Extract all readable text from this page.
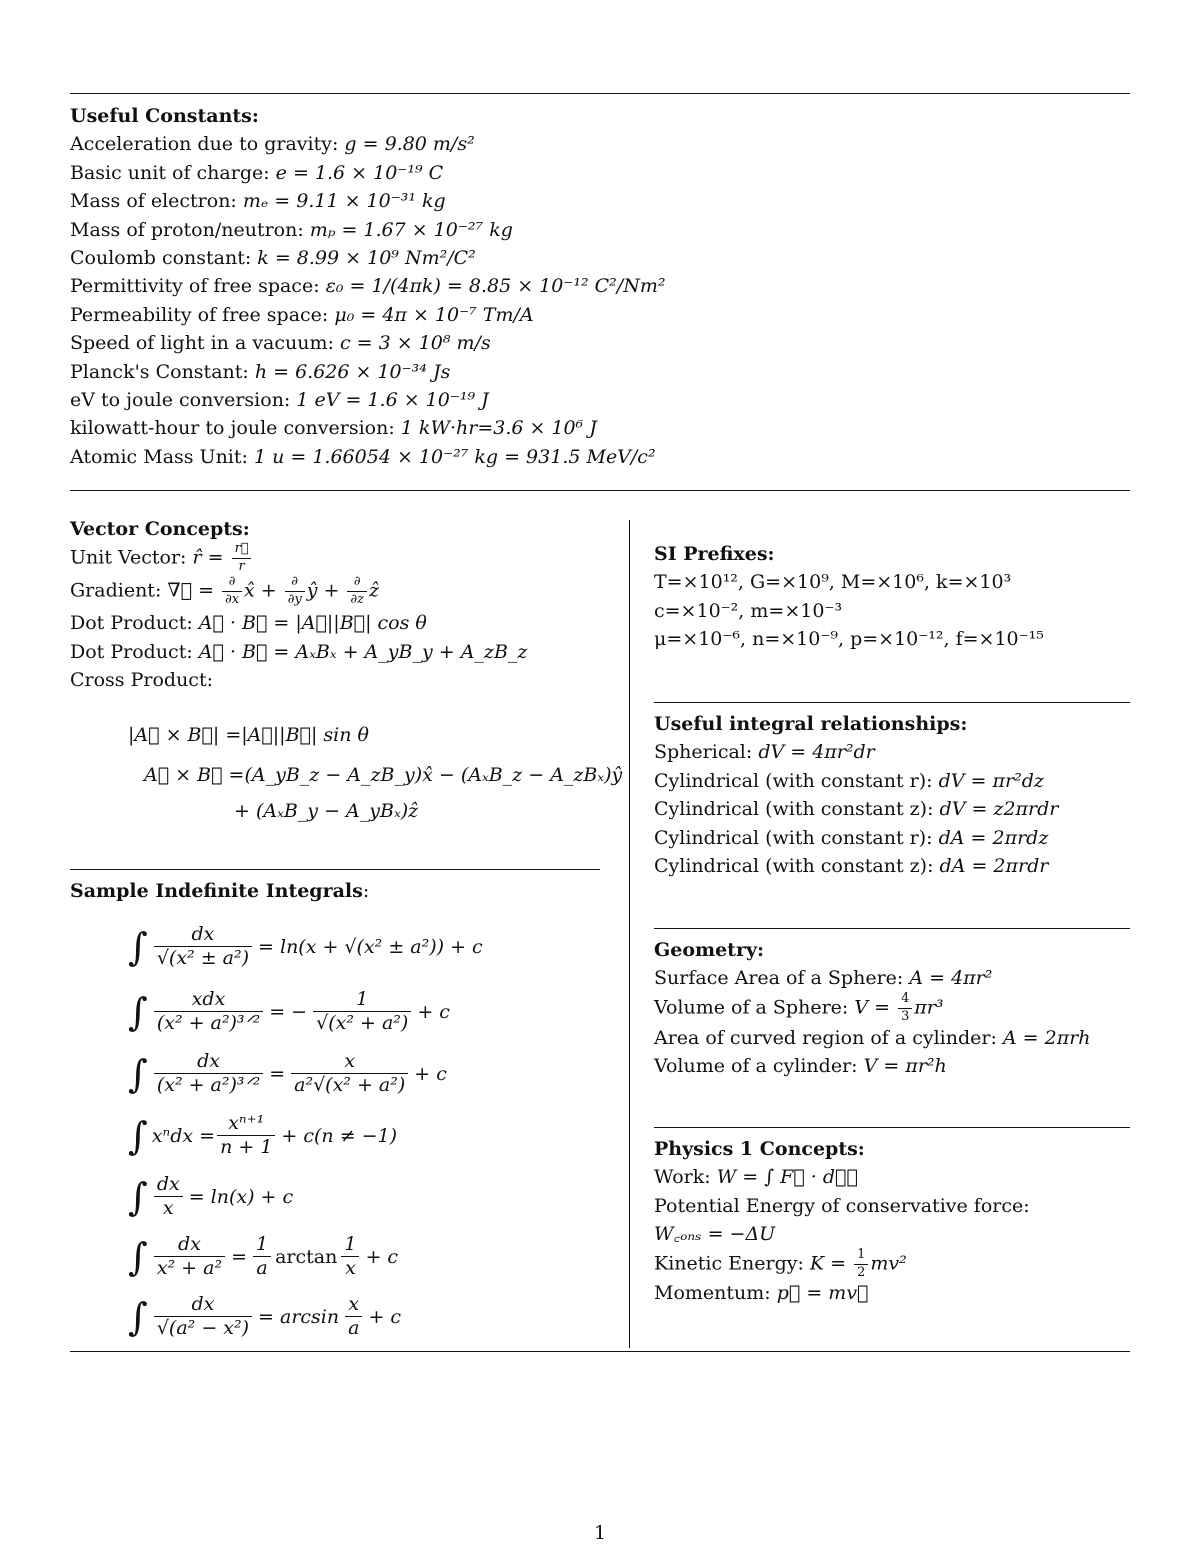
Useful Constants:
Acceleration due to gravity: g = 9.80 m/s²
Basic unit of charge: e = 1.6 × 10⁻¹⁹ C
Mass of electron: mₑ = 9.11 × 10⁻³¹ kg
Mass of proton/neutron: mₚ = 1.67 × 10⁻²⁷ kg
Coulomb constant: k = 8.99 × 10⁹ Nm²/C²
Permittivity of free space: ε₀ = 1/(4πk) = 8.85 × 10⁻¹² C²/Nm²
Permeability of free space: μ₀ = 4π × 10⁻⁷ Tm/A
Speed of light in a vacuum: c = 3 × 10⁸ m/s
Planck's Constant: h = 6.626 × 10⁻³⁴ Js
eV to joule conversion: 1 eV = 1.6 × 10⁻¹⁹ J
kilowatt-hour to joule conversion: 1 kW·hr=3.6 × 10⁶ J
Atomic Mass Unit: 1 u = 1.66054 × 10⁻²⁷ kg = 931.5 MeV/c²
Vector Concepts:
Unit Vector: r̂ = $\frac{r⃗}{r}$
Gradient: ∇⃗ = $\frac{\partial}{\partial x}$ x̂ + $\frac{\partial}{\partial y}$ ŷ + $\frac{\partial}{\partial z}$ ẑ
Dot Product: A⃗ · B⃗ = |A⃗||B⃗| cos θ
Dot Product: A⃗ · B⃗ = AₓBₓ + A_yB_y + A_zB_z
Cross Product:
|A⃗ × B⃗| =|A⃗||B⃗| sin θ
A⃗ × B⃗ =(A_yB_z − A_zB_y)x̂ − (AₓB_z − A_zBₓ)ŷ
+ (AₓB_y − A_yBₓ)ẑ
Sample Indefinite Integrals:
∫ $\frac{dx}{\text{√(x² ± a²)}} = \ln(x + √(x^2 \pm a^2)) + c$
∫ $\frac{\text{xdx}}{\text{(x² + a²)³ᐟ²}}$ = − $\frac{1}{\text{√(x² + a²)}} + c$
∫ $\frac{dx}{\text{(x² + a²)³ᐟ²}} = \frac{x}{\text{a²√(x² + a²)}} + c$
∫ $x^ndx = \frac{\text{xⁿ⁺¹}}{n + 1} + c(n \ne -1)$
∫ $\frac{dx}{x} = \ln(x) + c$
∫ $\frac{dx}{\text{x² + a²}} = \frac{1}{a}$ $\arctan \frac{1}{x} + c$
∫ $\frac{dx}{\text{√(a² − x²)}} = \arcsin \frac{x}{a} + c$
SI Prefixes:
T=×10¹², G=×10⁹, M=×10⁶, k=×10³
c=×10⁻², m=×10⁻³
μ=×10⁻⁶, n=×10⁻⁹, p=×10⁻¹², f=×10⁻¹⁵
Useful integral relationships:
Spherical: dV = 4πr²dr
Cylindrical (with constant r): dV = πr²dz
Cylindrical (with constant z): dV = z2πrdr
Cylindrical (with constant r): dA = 2πrdz
Cylindrical (with constant z): dA = 2πrdr
Geometry:
Surface Area of a Sphere: A = 4πr²
Volume of a Sphere: $V = \frac{4}{3} \pi r^3$
Area of curved region of a cylinder: A = 2πrh
Volume of a cylinder: V = πr²h
Physics 1 Concepts:
Work: W = ∫ F⃗ · dℓ⃗
Potential Energy of conservative force:
W꜀ₒₙₛ = −ΔU
Kinetic Energy: $K = \frac{1}{2} mv^2$
Momentum: p⃗ = mv⃗
1
